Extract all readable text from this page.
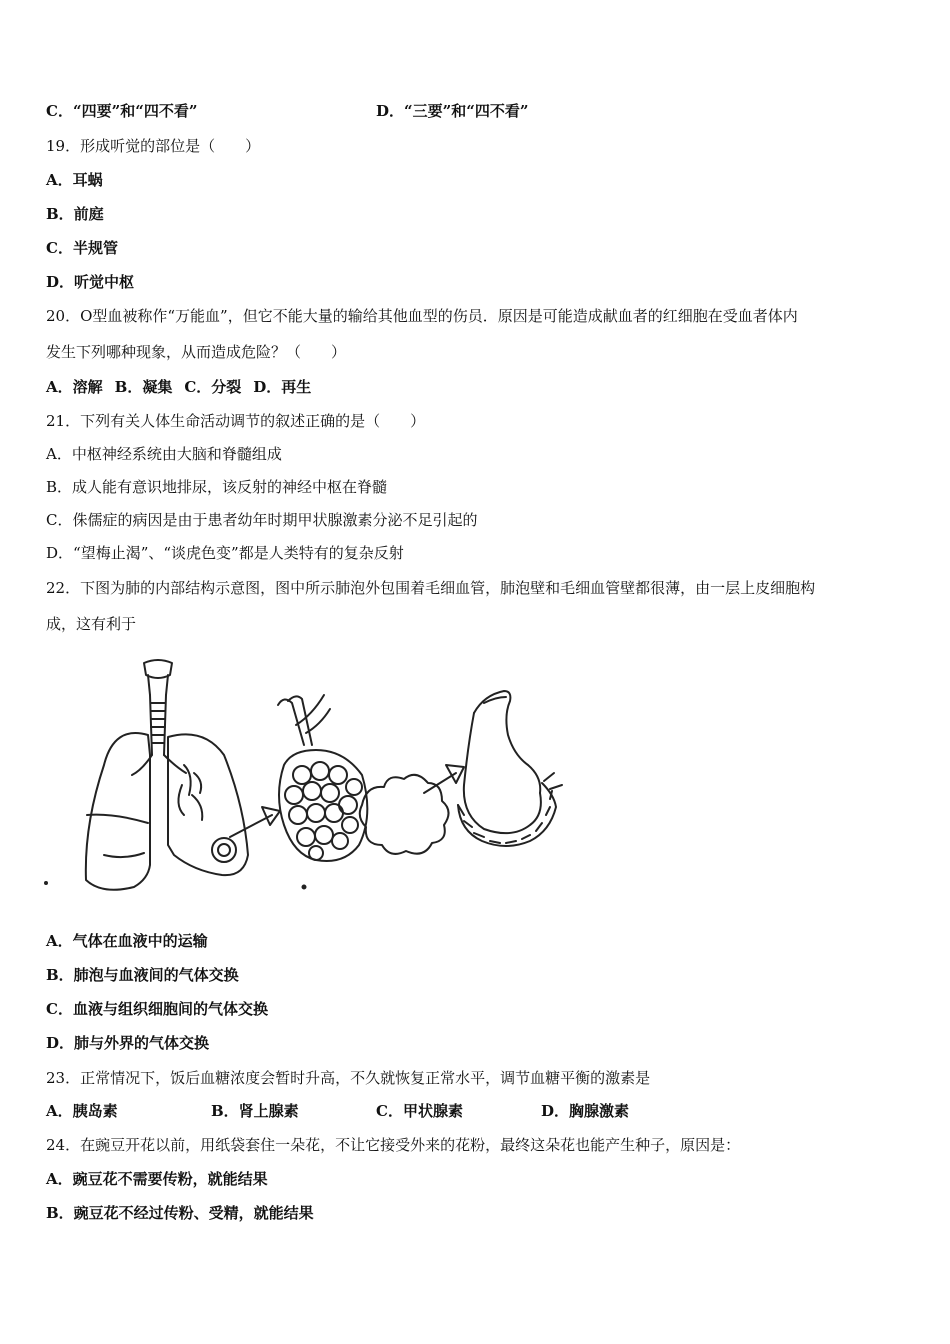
C．“四要”和“四不看”	D．“三要”和“四不看”
19．形成听觉的部位是（　　）
A．耳蜗
B．前庭
C．半规管
D．听觉中枢
20．O型血被称作“万能血”，但它不能大量的输给其他血型的伤员．原因是可能造成献血者的红细胞在受血者体内
发生下列哪种现象，从而造成危险？（　　）
A．溶解 B．凝集 C．分裂 D．再生
21．下列有关人体生命活动调节的叙述正确的是（　　）
A．中枢神经系统由大脑和脊髓组成
B．成人能有意识地排尿，该反射的神经中枢在脊髓
C．侏儒症的病因是由于患者幼年时期甲状腺激素分泌不足引起的
D．“望梅止渴”、“谈虎色变”都是人类特有的复杂反射
22．下图为肺的内部结构示意图，图中所示肺泡外包围着毛细血管，肺泡壁和毛细血管壁都很薄，由一层上皮细胞构
成，这有利于
A．气体在血液中的运输
B．肺泡与血液间的气体交换
C．血液与组织细胞间的气体交换
D．肺与外界的气体交换
23．正常情况下，饭后血糖浓度会暂时升高，不久就恢复正常水平，调节血糖平衡的激素是
A．胰岛素	B．肾上腺素	C．甲状腺素	D．胸腺激素
24．在豌豆开花以前，用纸袋套住一朵花，不让它接受外来的花粉，最终这朵花也能产生种子，原因是：
A．豌豆花不需要传粉，就能结果
B．豌豆花不经过传粉、受精，就能结果
